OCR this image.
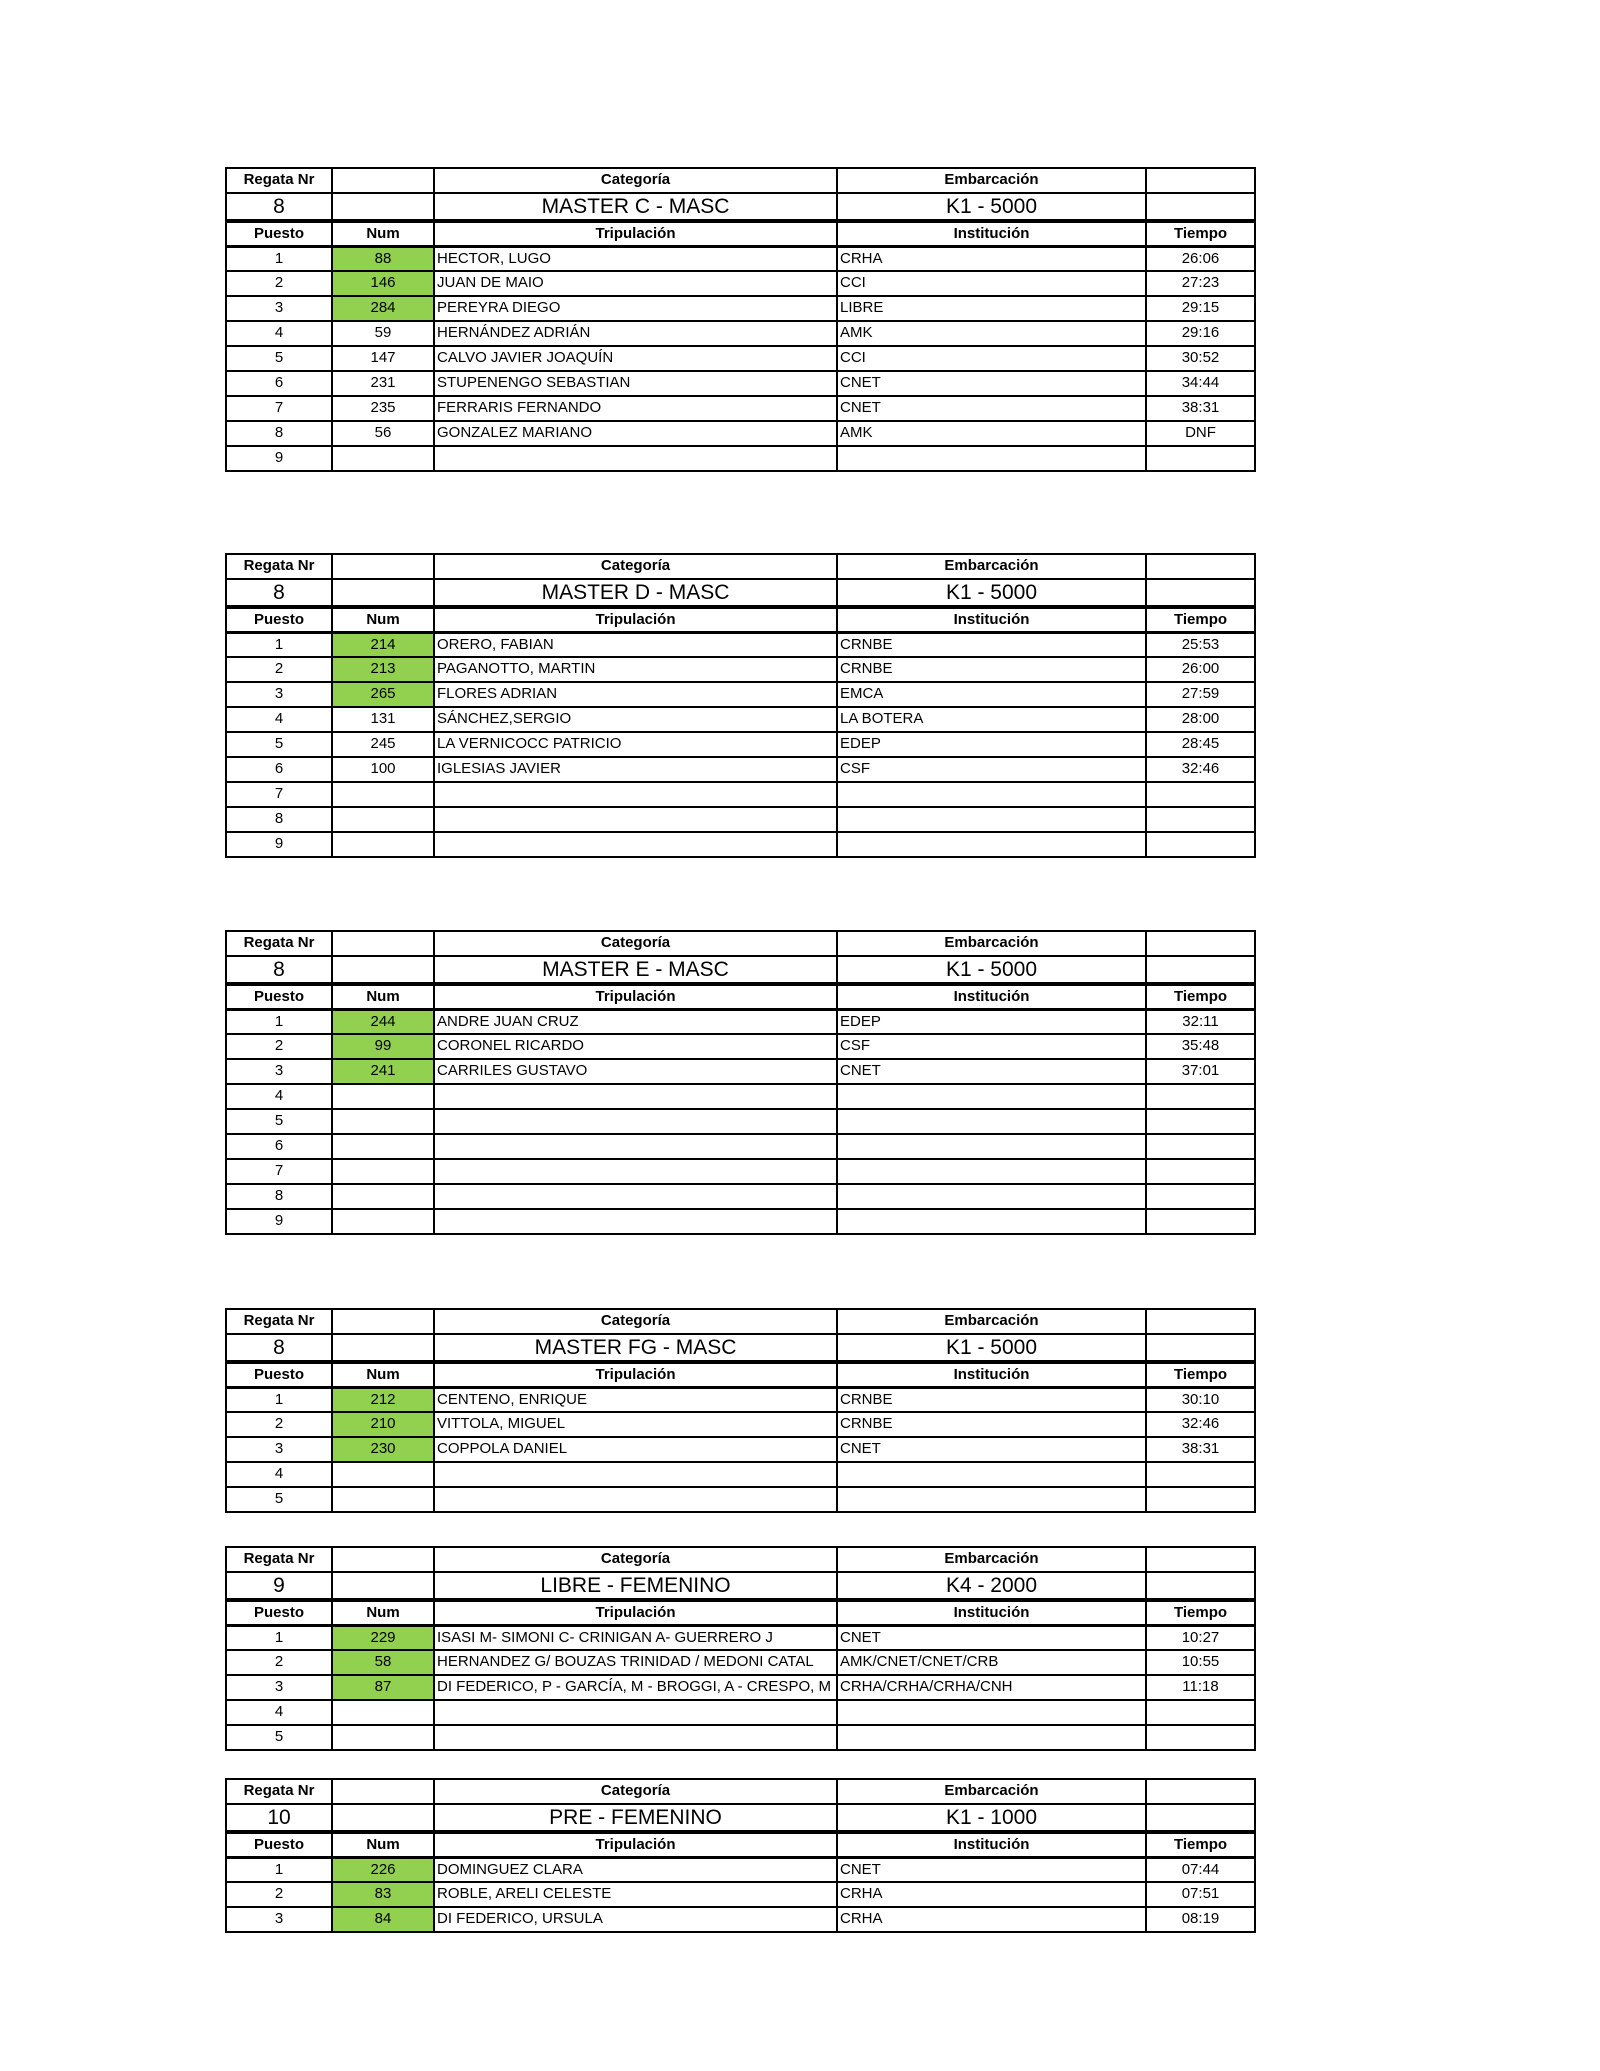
Regata Nr		Categoría	Embarcación	
8		MASTER C - MASC	K1 - 5000	
Puesto	Num	Tripulación	Institución	Tiempo
1	88	HECTOR, LUGO	CRHA	26:06
2	146	JUAN DE MAIO	CCI	27:23
3	284	PEREYRA DIEGO	LIBRE	29:15
4	59	HERNÁNDEZ ADRIÁN	AMK	29:16
5	147	CALVO JAVIER JOAQUÍN	CCI	30:52
6	231	STUPENENGO SEBASTIAN	CNET	34:44
7	235	FERRARIS FERNANDO	CNET	38:31
8	56	GONZALEZ MARIANO	AMK	DNF
9				
Regata Nr		Categoría	Embarcación	
8		MASTER D - MASC	K1 - 5000	
Puesto	Num	Tripulación	Institución	Tiempo
1	214	ORERO, FABIAN	CRNBE	25:53
2	213	PAGANOTTO, MARTIN	CRNBE	26:00
3	265	FLORES ADRIAN	EMCA	27:59
4	131	SÁNCHEZ,SERGIO	LA BOTERA	28:00
5	245	LA VERNICOCC PATRICIO	EDEP	28:45
6	100	IGLESIAS JAVIER	CSF	32:46
7				
8				
9				
Regata Nr		Categoría	Embarcación	
8		MASTER E - MASC	K1 - 5000	
Puesto	Num	Tripulación	Institución	Tiempo
1	244	ANDRE JUAN CRUZ	EDEP	32:11
2	99	CORONEL RICARDO	CSF	35:48
3	241	CARRILES GUSTAVO	CNET	37:01
4				
5				
6				
7				
8				
9				
Regata Nr		Categoría	Embarcación	
8		MASTER FG - MASC	K1 - 5000	
Puesto	Num	Tripulación	Institución	Tiempo
1	212	CENTENO, ENRIQUE	CRNBE	30:10
2	210	VITTOLA, MIGUEL	CRNBE	32:46
3	230	COPPOLA DANIEL	CNET	38:31
4				
5				
Regata Nr		Categoría	Embarcación	
9		LIBRE - FEMENINO	K4 - 2000	
Puesto	Num	Tripulación	Institución	Tiempo
1	229	ISASI M- SIMONI C- CRINIGAN A- GUERRERO J	CNET	10:27
2	58	HERNANDEZ G/ BOUZAS TRINIDAD / MEDONI CATAL	AMK/CNET/CNET/CRB	10:55
3	87	DI FEDERICO, P - GARCÍA, M - BROGGI, A - CRESPO, M	CRHA/CRHA/CRHA/CNH	11:18
4				
5				
Regata Nr		Categoría	Embarcación	
10		PRE - FEMENINO	K1 - 1000	
Puesto	Num	Tripulación	Institución	Tiempo
1	226	DOMINGUEZ CLARA	CNET	07:44
2	83	ROBLE, ARELI CELESTE	CRHA	07:51
3	84	DI FEDERICO, URSULA	CRHA	08:19
